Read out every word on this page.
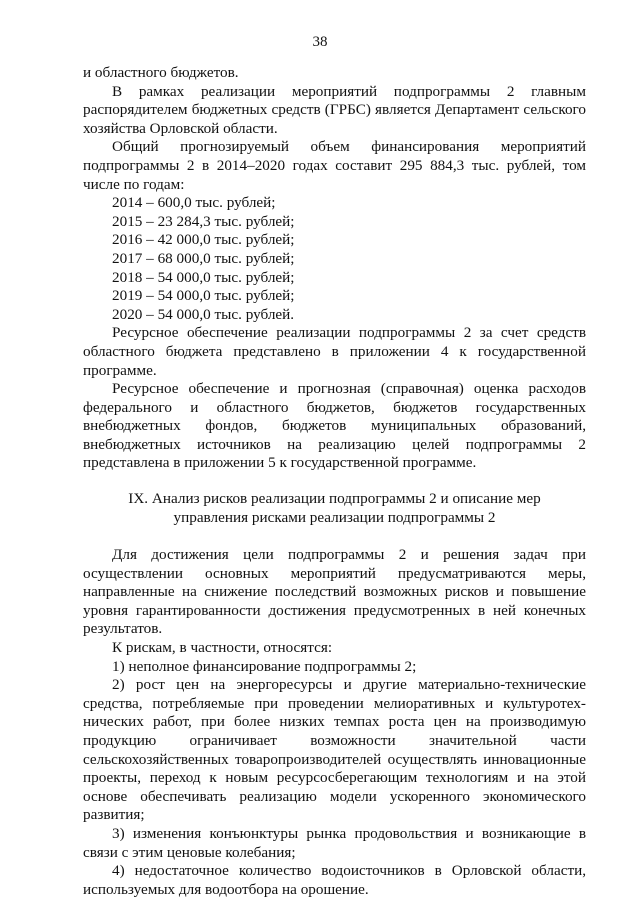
38

и областного бюджетов.

В рамках реализации мероприятий подпрограммы 2 главным распорядителем бюджетных средств (ГРБС) является Департамент сельского хозяйства Орловской области.

Общий прогнозируемый объем финансирования мероприятий подпрограммы 2 в 2014–2020 годах составит 295 884,3 тыс. рублей, том числе по годам:

2014 – 600,0 тыс. рублей;

2015 – 23 284,3 тыс. рублей;

2016 – 42 000,0 тыс. рублей;

2017 – 68 000,0 тыс. рублей;

2018 – 54 000,0 тыс. рублей;

2019 – 54 000,0 тыс. рублей;

2020 – 54 000,0 тыс. рублей.

Ресурсное обеспечение реализации подпрограммы 2 за счет средств областного бюджета представлено в приложении 4 к государственной программе.

Ресурсное обеспечение и прогнозная (справочная) оценка расходов федерального и областного бюджетов, бюджетов государственных внебюджетных фондов, бюджетов муниципальных образований, внебюджетных источников на реализацию целей подпрограммы 2 представлена в приложении 5 к государственной программе.

IX. Анализ рисков реализации подпрограммы 2 и описание мер управления рисками реализации подпрограммы 2

Для достижения цели подпрограммы 2 и решения задач при осуществлении основных мероприятий предусматриваются меры, направленные на снижение последствий возможных рисков и повышение уровня гарантированности достижения предусмотренных в ней конечных результатов.

К рискам, в частности, относятся:

1) неполное финансирование подпрограммы 2;

2) рост цен на энергоресурсы и другие материально-технические средства, потребляемые при проведении мелиоративных и культуротех- нических работ, при более низких темпах роста цен на производимую продукцию ограничивает возможности значительной части сельскохозяйственных товаропроизводителей осуществлять инновационные проекты, переход к новым ресурсосберегающим технологиям и на этой основе обеспечивать реализацию модели ускоренного экономического развития;

3) изменения конъюнктуры рынка продовольствия и возникающие в связи с этим ценовые колебания;

4) недостаточное количество водоисточников в Орловской области, используемых для водоотбора на орошение.
